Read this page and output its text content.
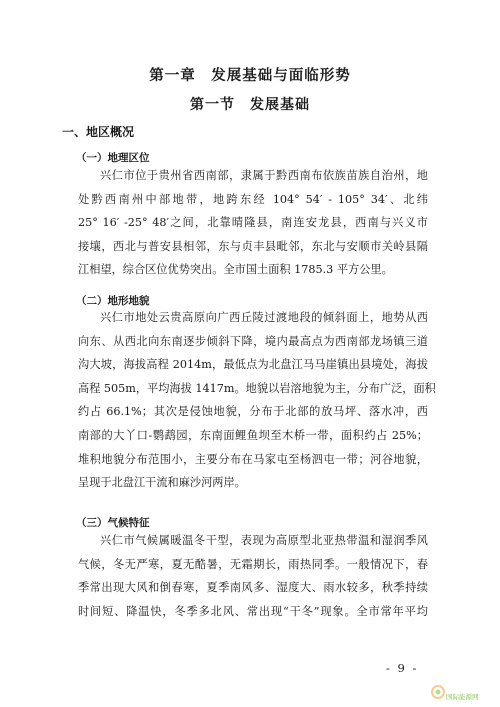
第一章　发展基础与面临形势
第一节　发展基础
一、地区概况
（一）地理区位
兴仁市位于贵州省西南部，隶属于黔西南布依族苗族自治州，地
处黔西南州中部地带，地跨东经 104° 54′ - 105° 34′、北纬
25° 16′ -25° 48′之间，北靠晴隆县，南连安龙县，西南与兴义市
接壤，西北与普安县相邻，东与贞丰县毗邻，东北与安顺市关岭县隔
江相望，综合区位优势突出。全市国土面积 1785.3 平方公里。
（二）地形地貌
兴仁市地处云贵高原向广西丘陵过渡地段的倾斜面上，地势从西
向东、从西北向东南逐步倾斜下降，境内最高点为西南部龙场镇三道
沟大坡，海拔高程 2014m，最低点为北盘江马马崖镇出县境处，海拔
高程 505m，平均海拔 1417m。地貌以岩溶地貌为主，分布广泛，面积
约占 66.1%；其次是侵蚀地貌，分布于北部的放马坪、落水冲，西
南部的大丫口-鹦鹉园，东南面鲤鱼坝至木桥一带，面积约占 25%；
堆积地貌分布范围小，主要分布在马家屯至杨泗屯一带；河谷地貌，
呈现于北盘江干流和麻沙河两岸。
（三）气候特征
兴仁市气候属暖温冬干型，表现为高原型北亚热带温和湿润季风
气候，冬无严寒，夏无酷暑，无霜期长，雨热同季。一般情况下，春
季常出现大风和倒春寒，夏季南风多、湿度大、雨水较多，秋季持续
时间短、降温快，冬季多北风、常出现“干冬”现象。全市常年平均
- 9 -
国际能源网
